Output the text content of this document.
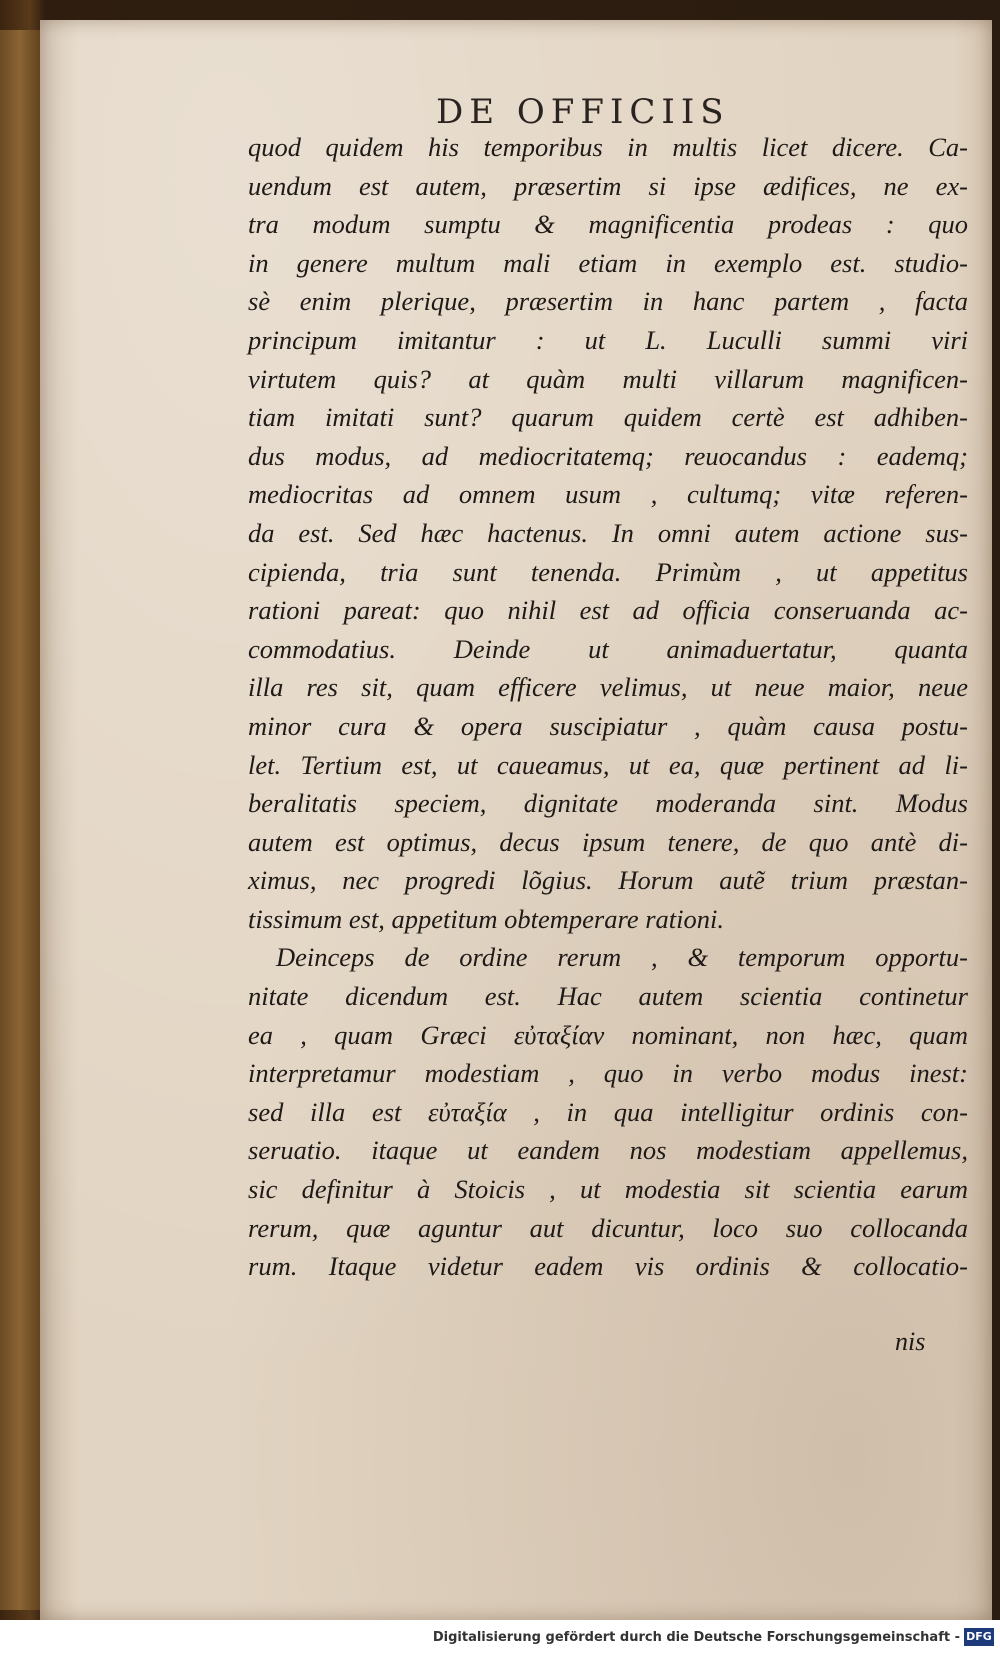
DE OFFICIIS
quod quidem his temporibus in multis licet dicere. Ca-
uendum est autem, præsertim si ipse ædifices, ne ex-
tra modum sumptu & magnificentia prodeas : quo
in genere multum mali etiam in exemplo est. studio-
sè enim plerique, præsertim in hanc partem , facta
principum imitantur : ut L. Luculli summi viri
virtutem quis? at quàm multi villarum magnificen-
tiam imitati sunt? quarum quidem certè est adhiben-
dus modus, ad mediocritatemq; reuocandus : eademq;
mediocritas ad omnem usum , cultumq; vitæ referen-
da est. Sed hæc hactenus. In omni autem actione sus-
cipienda, tria sunt tenenda. Primùm , ut appetitus
rationi pareat: quo nihil est ad officia conseruanda ac-
commodatius. Deinde ut animaduertatur, quanta
illa res sit, quam efficere velimus, ut neue maior, neue
minor cura & opera suscipiatur , quàm causa postu-
let. Tertium est, ut caueamus, ut ea, quæ pertinent ad li-
beralitatis speciem, dignitate moderanda sint. Modus
autem est optimus, decus ipsum tenere, de quo antè di-
ximus, nec progredi lõgius. Horum autẽ trium præstan-
tissimum est, appetitum obtemperare rationi.
Deinceps de ordine rerum , & temporum opportu-
nitate dicendum est. Hac autem scientia continetur
ea , quam Græci εὐταξίαν nominant, non hæc, quam
interpretamur modestiam , quo in verbo modus inest:
sed illa est εὐταξία , in qua intelligitur ordinis con-
seruatio. itaque ut eandem nos modestiam appellemus,
sic definitur à Stoicis , ut modestia sit scientia earum
rerum, quæ aguntur aut dicuntur, loco suo collocanda
rum. Itaque videtur eadem vis ordinis & collocatio-
nis
Digitalisierung gefördert durch die Deutsche Forschungsgemeinschaft - DFG
